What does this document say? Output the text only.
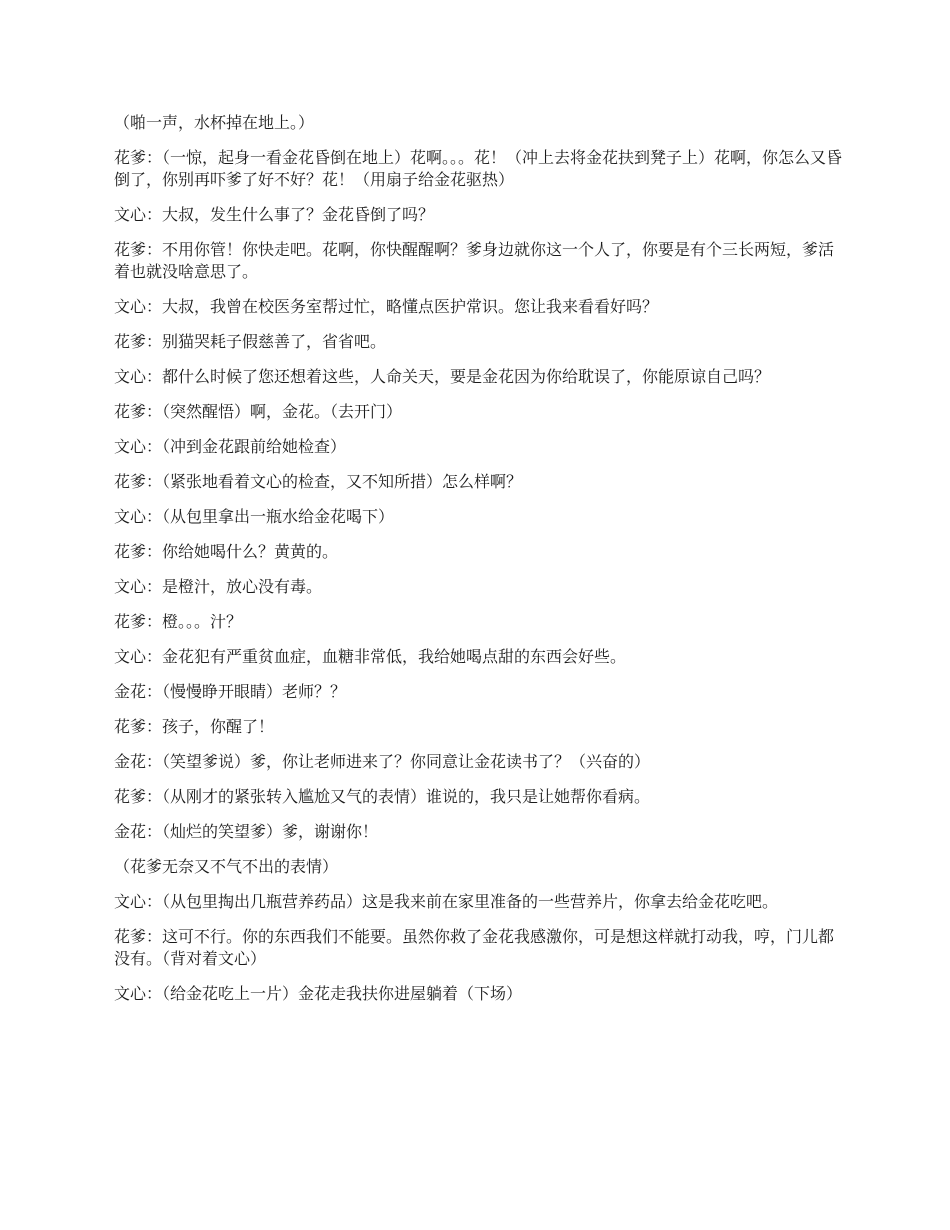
（啪一声，水杯掉在地上。）

花爹：（一惊，起身一看金花昏倒在地上）花啊。。。花！（冲上去将金花扶到凳子上）花啊，你怎么又昏倒了，你别再吓爹了好不好？花！（用扇子给金花驱热）

文心：大叔，发生什么事了？金花昏倒了吗？

花爹：不用你管！你快走吧。花啊，你快醒醒啊？爹身边就你这一个人了，你要是有个三长两短，爹活着也就没啥意思了。

文心：大叔，我曾在校医务室帮过忙，略懂点医护常识。您让我来看看好吗？

花爹：别猫哭耗子假慈善了，省省吧。

文心：都什么时候了您还想着这些，人命关天，要是金花因为你给耽误了，你能原谅自己吗？

花爹：（突然醒悟）啊，金花。（去开门）

文心：（冲到金花跟前给她检查）

花爹：（紧张地看着文心的检查，又不知所措）怎么样啊？

文心：（从包里拿出一瓶水给金花喝下）

花爹：你给她喝什么？黄黄的。

文心：是橙汁，放心没有毒。

花爹：橙。。。汁？

文心：金花犯有严重贫血症，血糖非常低，我给她喝点甜的东西会好些。

金花：（慢慢睁开眼睛）老师？？

花爹：孩子，你醒了！

金花：（笑望爹说）爹，你让老师进来了？你同意让金花读书了？（兴奋的）

花爹：（从刚才的紧张转入尴尬又气的表情）谁说的，我只是让她帮你看病。

金花：（灿烂的笑望爹）爹，谢谢你！

（花爹无奈又不气不出的表情）

文心：（从包里掏出几瓶营养药品）这是我来前在家里准备的一些营养片，你拿去给金花吃吧。

花爹：这可不行。你的东西我们不能要。虽然你救了金花我感激你，可是想这样就打动我，哼，门儿都没有。（背对着文心）

文心：（给金花吃上一片）金花走我扶你进屋躺着（下场）
